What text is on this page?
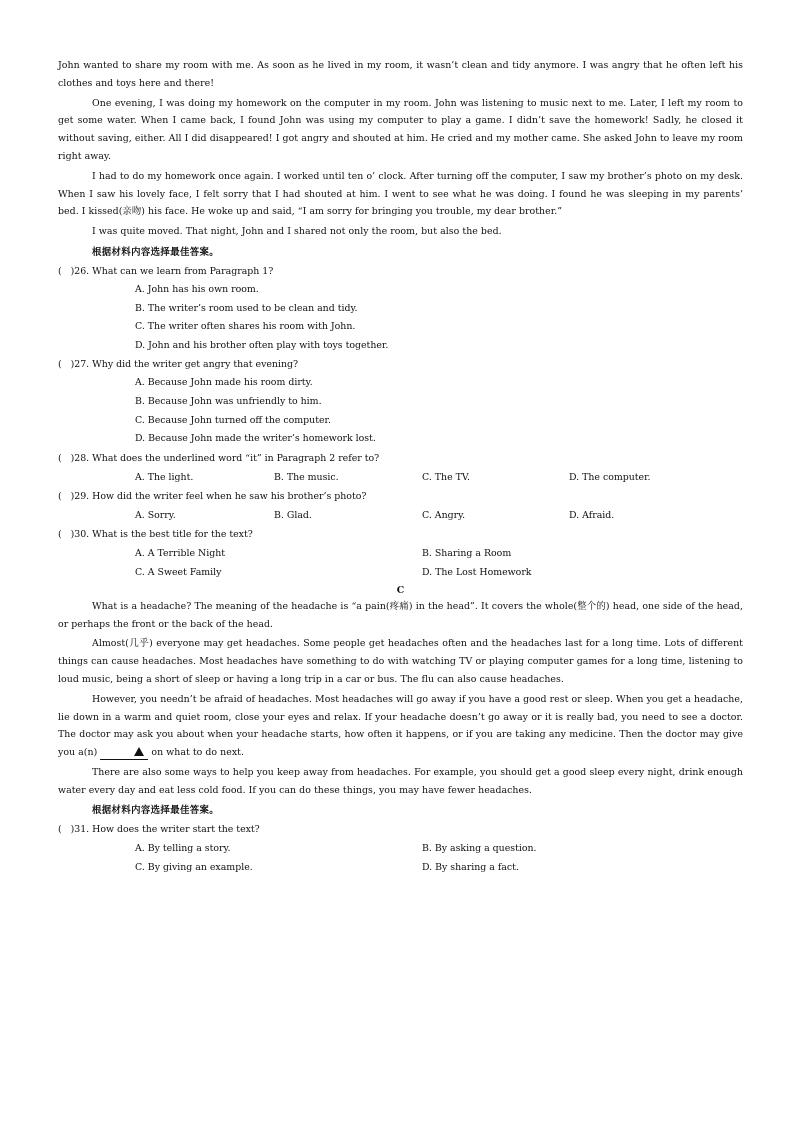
John wanted to share my room with me. As soon as he lived in my room, it wasn’t clean and tidy anymore. I was angry that he often left his clothes and toys here and there!

One evening, I was doing my homework on the computer in my room. John was listening to music next to me. Later, I left my room to get some water. When I came back, I found John was using my computer to play a game. I didn’t save the homework! Sadly, he closed it without saving, either. All I did disappeared! I got angry and shouted at him. He cried and my mother came. She asked John to leave my room right away.

I had to do my homework once again. I worked until ten o’ clock. After turning off the computer, I saw my brother’s photo on my desk. When I saw his lovely face, I felt sorry that I had shouted at him. I went to see what he was doing. I found he was sleeping in my parents’ bed. I kissed(亲吻) his face. He woke up and said, “I am sorry for bringing you trouble, my dear brother.”

I was quite moved. That night, John and I shared not only the room, but also the bed.

根据材料内容选择最佳答案。

(   )26. What can we learn from Paragraph 1?
A. John has his own room.
B. The writer’s room used to be clean and tidy.
C. The writer often shares his room with John.
D. John and his brother often play with toys together.
(   )27. Why did the writer get angry that evening?
A. Because John made his room dirty.
B. Because John was unfriendly to him.
C. Because John turned off the computer.
D. Because John made the writer’s homework lost.
(   )28. What does the underlined word “it” in Paragraph 2 refer to?
A. The light.	B. The music.	C. The TV.	D. The computer.
(   )29. How did the writer feel when he saw his brother’s photo?
A. Sorry.	B. Glad.	C. Angry.	D. Afraid.
(   )30. What is the best title for the text?
A. A Terrible Night	B. Sharing a Room
C. A Sweet Family	D. The Lost Homework
C

What is a headache? The meaning of the headache is “a pain(疼痛) in the head”. It covers the whole(整个的) head, one side of the head, or perhaps the front or the back of the head.

Almost(几乎) everyone may get headaches. Some people get headaches often and the headaches last for a long time. Lots of different things can cause headaches. Most headaches have something to do with watching TV or playing computer games for a long time, listening to loud music, being a short of sleep or having a long trip in a car or bus. The flu can also cause headaches.

However, you needn’t be afraid of headaches. Most headaches will go away if you have a good rest or sleep. When you get a headache, lie down in a warm and quiet room, close your eyes and relax. If your headache doesn’t go away or it is really bad, you need to see a doctor. The doctor may ask you about when your headache starts, how often it happens, or if you are taking any medicine. Then the doctor may give you a(n)	on what to do next.

There are also some ways to help you keep away from headaches. For example, you should get a good sleep every night, drink enough water every day and eat less cold food. If you can do these things, you may have fewer headaches.

根据材料内容选择最佳答案。

(   )31. How does the writer start the text?
A. By telling a story.	B. By asking a question.
C. By giving an example.	D. By sharing a fact.
